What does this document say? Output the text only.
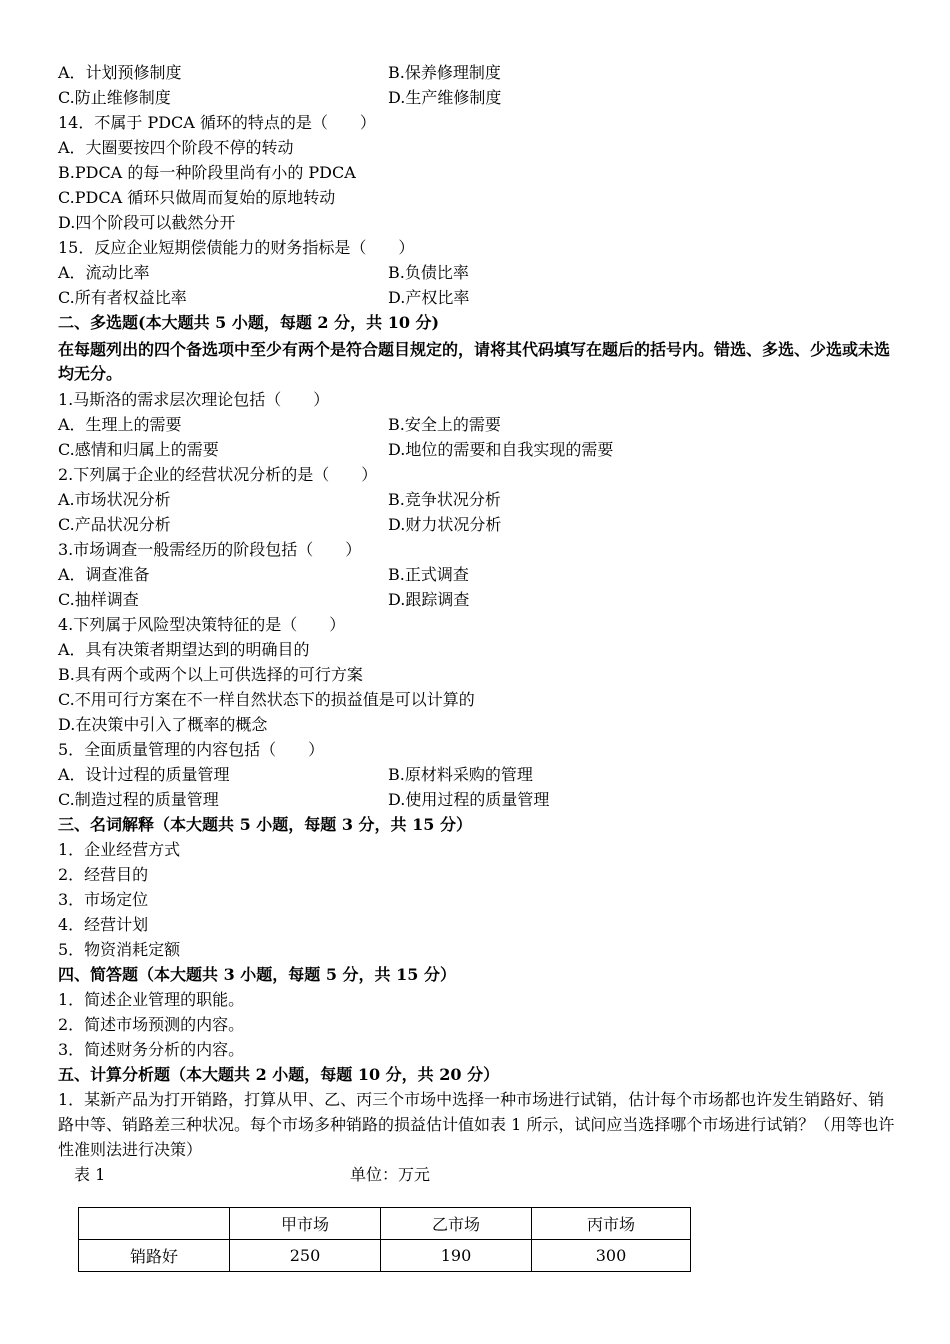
A．计划预修制度	B.保养修理制度
C.防止维修制度	D.生产维修制度
14．不属于 PDCA 循环的特点的是（　　）
A．大圈要按四个阶段不停的转动
B.PDCA 的每一种阶段里尚有小的 PDCA
C.PDCA 循环只做周而复始的原地转动
D.四个阶段可以截然分开
15．反应企业短期偿债能力的财务指标是（　　）
A．流动比率	B.负债比率
C.所有者权益比率	D.产权比率
二、多选题(本大题共 5 小题，每题 2 分，共 10 分)
在每题列出的四个备选项中至少有两个是符合题目规定的，请将其代码填写在题后的括号内。错选、多选、少选或未选均无分。
1.马斯洛的需求层次理论包括（　　）
A．生理上的需要	B.安全上的需要
C.感情和归属上的需要	D.地位的需要和自我实现的需要
2.下列属于企业的经营状况分析的是（　　）
A.市场状况分析	B.竞争状况分析
C.产品状况分析	D.财力状况分析
3.市场调查一般需经历的阶段包括（　　）
A．调查准备	B.正式调查
C.抽样调查	D.跟踪调查
4.下列属于风险型决策特征的是（　　）
A．具有决策者期望达到的明确目的
B.具有两个或两个以上可供选择的可行方案
C.不用可行方案在不一样自然状态下的损益值是可以计算的
D.在决策中引入了概率的概念
5．全面质量管理的内容包括（　　）
A．设计过程的质量管理	B.原材料采购的管理
C.制造过程的质量管理	D.使用过程的质量管理
三、名词解释（本大题共 5 小题，每题 3 分，共 15 分）
1．企业经营方式
2．经营目的
3．市场定位
4．经营计划
5．物资消耗定额
四、简答题（本大题共 3 小题，每题 5 分，共 15 分）
1．简述企业管理的职能。
2．简述市场预测的内容。
3．简述财务分析的内容。
五、计算分析题（本大题共 2 小题，每题 10 分，共 20 分）
1．某新产品为打开销路，打算从甲、乙、丙三个市场中选择一种市场进行试销，估计每个市场都也许发生销路好、销路中等、销路差三种状况。每个市场多种销路的损益估计值如表 1 所示，试问应当选择哪个市场进行试销？（用等也许性准则法进行决策）
表 1	单位：万元
	甲市场	乙市场	丙市场
销路好	250	190	300
